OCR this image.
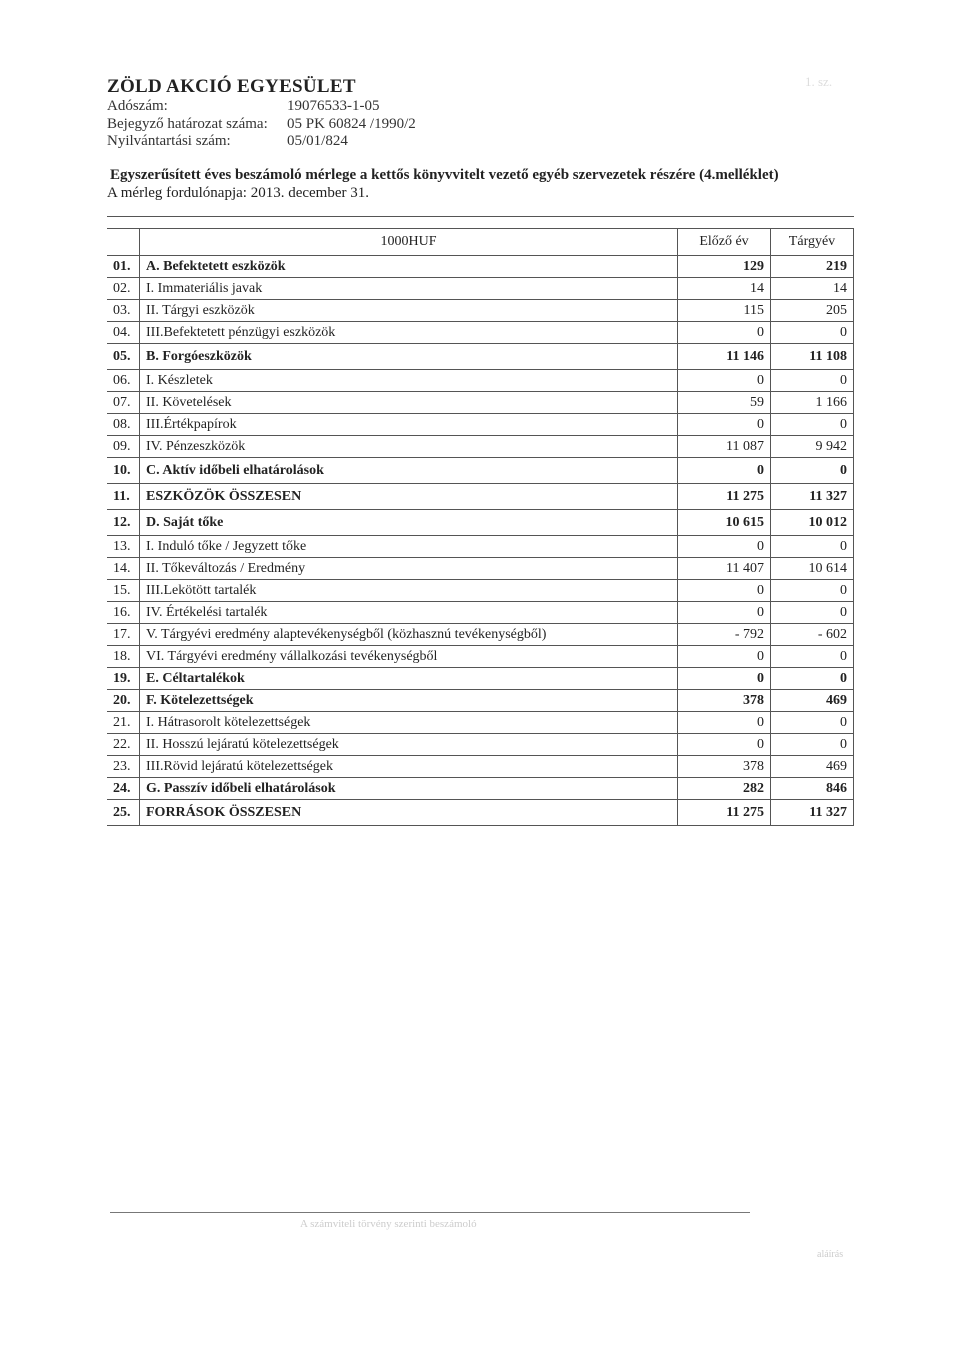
1. sz.
ZÖLD AKCIÓ EGYESÜLET
Adószám:	19076533-1-05
Bejegyző határozat száma: 05 PK 60824 /1990/2
Nyilvántartási szám:	05/01/824
Egyszerűsített éves beszámoló mérlege a kettős könyvvitelt vezető egyéb szervezetek részére (4.melléklet)
A mérleg fordulónapja: 2013. december 31.
	1000HUF	Előző év	Tárgyév
01.	A. Befektetett eszközök	129	219
02.	I. Immateriális javak	14	14
03.	II. Tárgyi eszközök	115	205
04.	III.Befektetett pénzügyi eszközök	0	0
05.	B. Forgóeszközök	11 146	11 108
06.	I. Készletek	0	0
07.	II. Követelések	59	1 166
08.	III.Értékpapírok	0	0
09.	IV. Pénzeszközök	11 087	9 942
10.	C. Aktív időbeli elhatárolások	0	0
11.	ESZKÖZÖK ÖSSZESEN	11 275	11 327
12.	D. Saját tőke	10 615	10 012
13.	I. Induló tőke / Jegyzett tőke	0	0
14.	II. Tőkeváltozás / Eredmény	11 407	10 614
15.	III.Lekötött tartalék	0	0
16.	IV. Értékelési tartalék	0	0
17.	V. Tárgyévi eredmény alaptevékenységből (közhasznú tevékenységből)	- 792	- 602
18.	VI. Tárgyévi eredmény vállalkozási tevékenységből	0	0
19.	E. Céltartalékok	0	0
20.	F. Kötelezettségek	378	469
21.	I. Hátrasorolt kötelezettségek	0	0
22.	II. Hosszú lejáratú kötelezettségek	0	0
23.	III.Rövid lejáratú kötelezettségek	378	469
24.	G. Passzív időbeli elhatárolások	282	846
25.	FORRÁSOK ÖSSZESEN	11 275	11 327
A számviteli törvény szerinti beszámoló
aláírás
